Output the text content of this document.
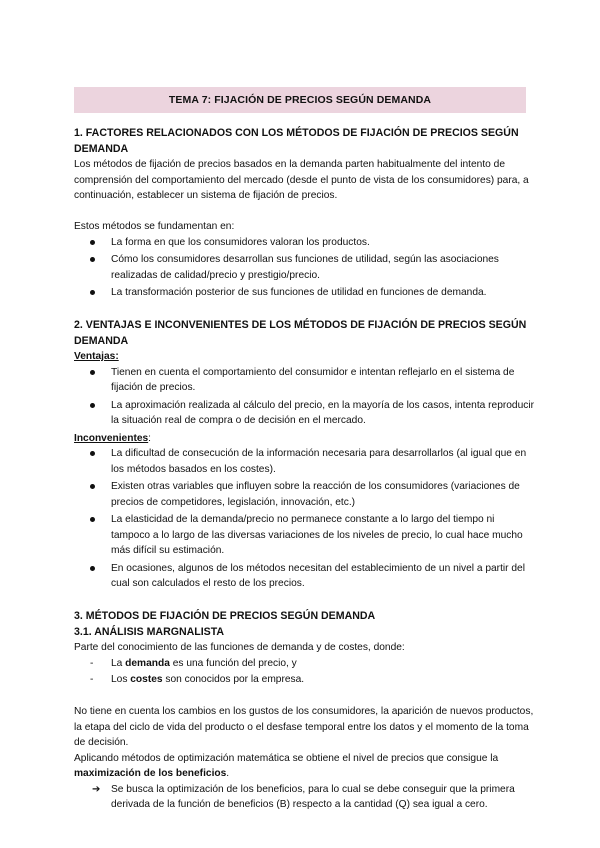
TEMA 7: FIJACIÓN DE PRECIOS SEGÚN DEMANDA

1. FACTORES RELACIONADOS CON LOS MÉTODOS DE FIJACIÓN DE PRECIOS SEGÚN DEMANDA

Los métodos de fijación de precios basados en la demanda parten habitualmente del intento de comprensión del comportamiento del mercado (desde el punto de vista de los consumidores) para, a continuación, establecer un sistema de fijación de precios.

Estos métodos se fundamentan en:

La forma en que los consumidores valoran los productos.
Cómo los consumidores desarrollan sus funciones de utilidad, según las asociaciones realizadas de calidad/precio y prestigio/precio.
La transformación posterior de sus funciones de utilidad en funciones de demanda.

2. VENTAJAS E INCONVENIENTES DE LOS MÉTODOS DE FIJACIÓN DE PRECIOS SEGÚN DEMANDA

Ventajas:

Tienen en cuenta el comportamiento del consumidor e intentan reflejarlo en el sistema de fijación de precios.
La aproximación realizada al cálculo del precio, en la mayoría de los casos, intenta reproducir la situación real de compra o de decisión en el mercado.

Inconvenientes:

La dificultad de consecución de la información necesaria para desarrollarlos (al igual que en los métodos basados en los costes).
Existen otras variables que influyen sobre la reacción de los consumidores (variaciones de precios de competidores, legislación, innovación, etc.)
La elasticidad de la demanda/precio no permanece constante a lo largo del tiempo ni tampoco a lo largo de las diversas variaciones de los niveles de precio, lo cual hace mucho más difícil su estimación.
En ocasiones, algunos de los métodos necesitan del establecimiento de un nivel a partir del cual son calculados el resto de los precios.

3. MÉTODOS DE FIJACIÓN DE PRECIOS SEGÚN DEMANDA

3.1. ANÁLISIS MARGNALISTA

Parte del conocimiento de las funciones de demanda y de costes, donde:

- La demanda es una función del precio, y
- Los costes son conocidos por la empresa.

No tiene en cuenta los cambios en los gustos de los consumidores, la aparición de nuevos productos, la etapa del ciclo de vida del producto o el desfase temporal entre los datos y el momento de la toma de decisión.

Aplicando métodos de optimización matemática se obtiene el nivel de precios que consigue la maximización de los beneficios.

➔ Se busca la optimización de los beneficios, para lo cual se debe conseguir que la primera derivada de la función de beneficios (B) respecto a la cantidad (Q) sea igual a cero.
